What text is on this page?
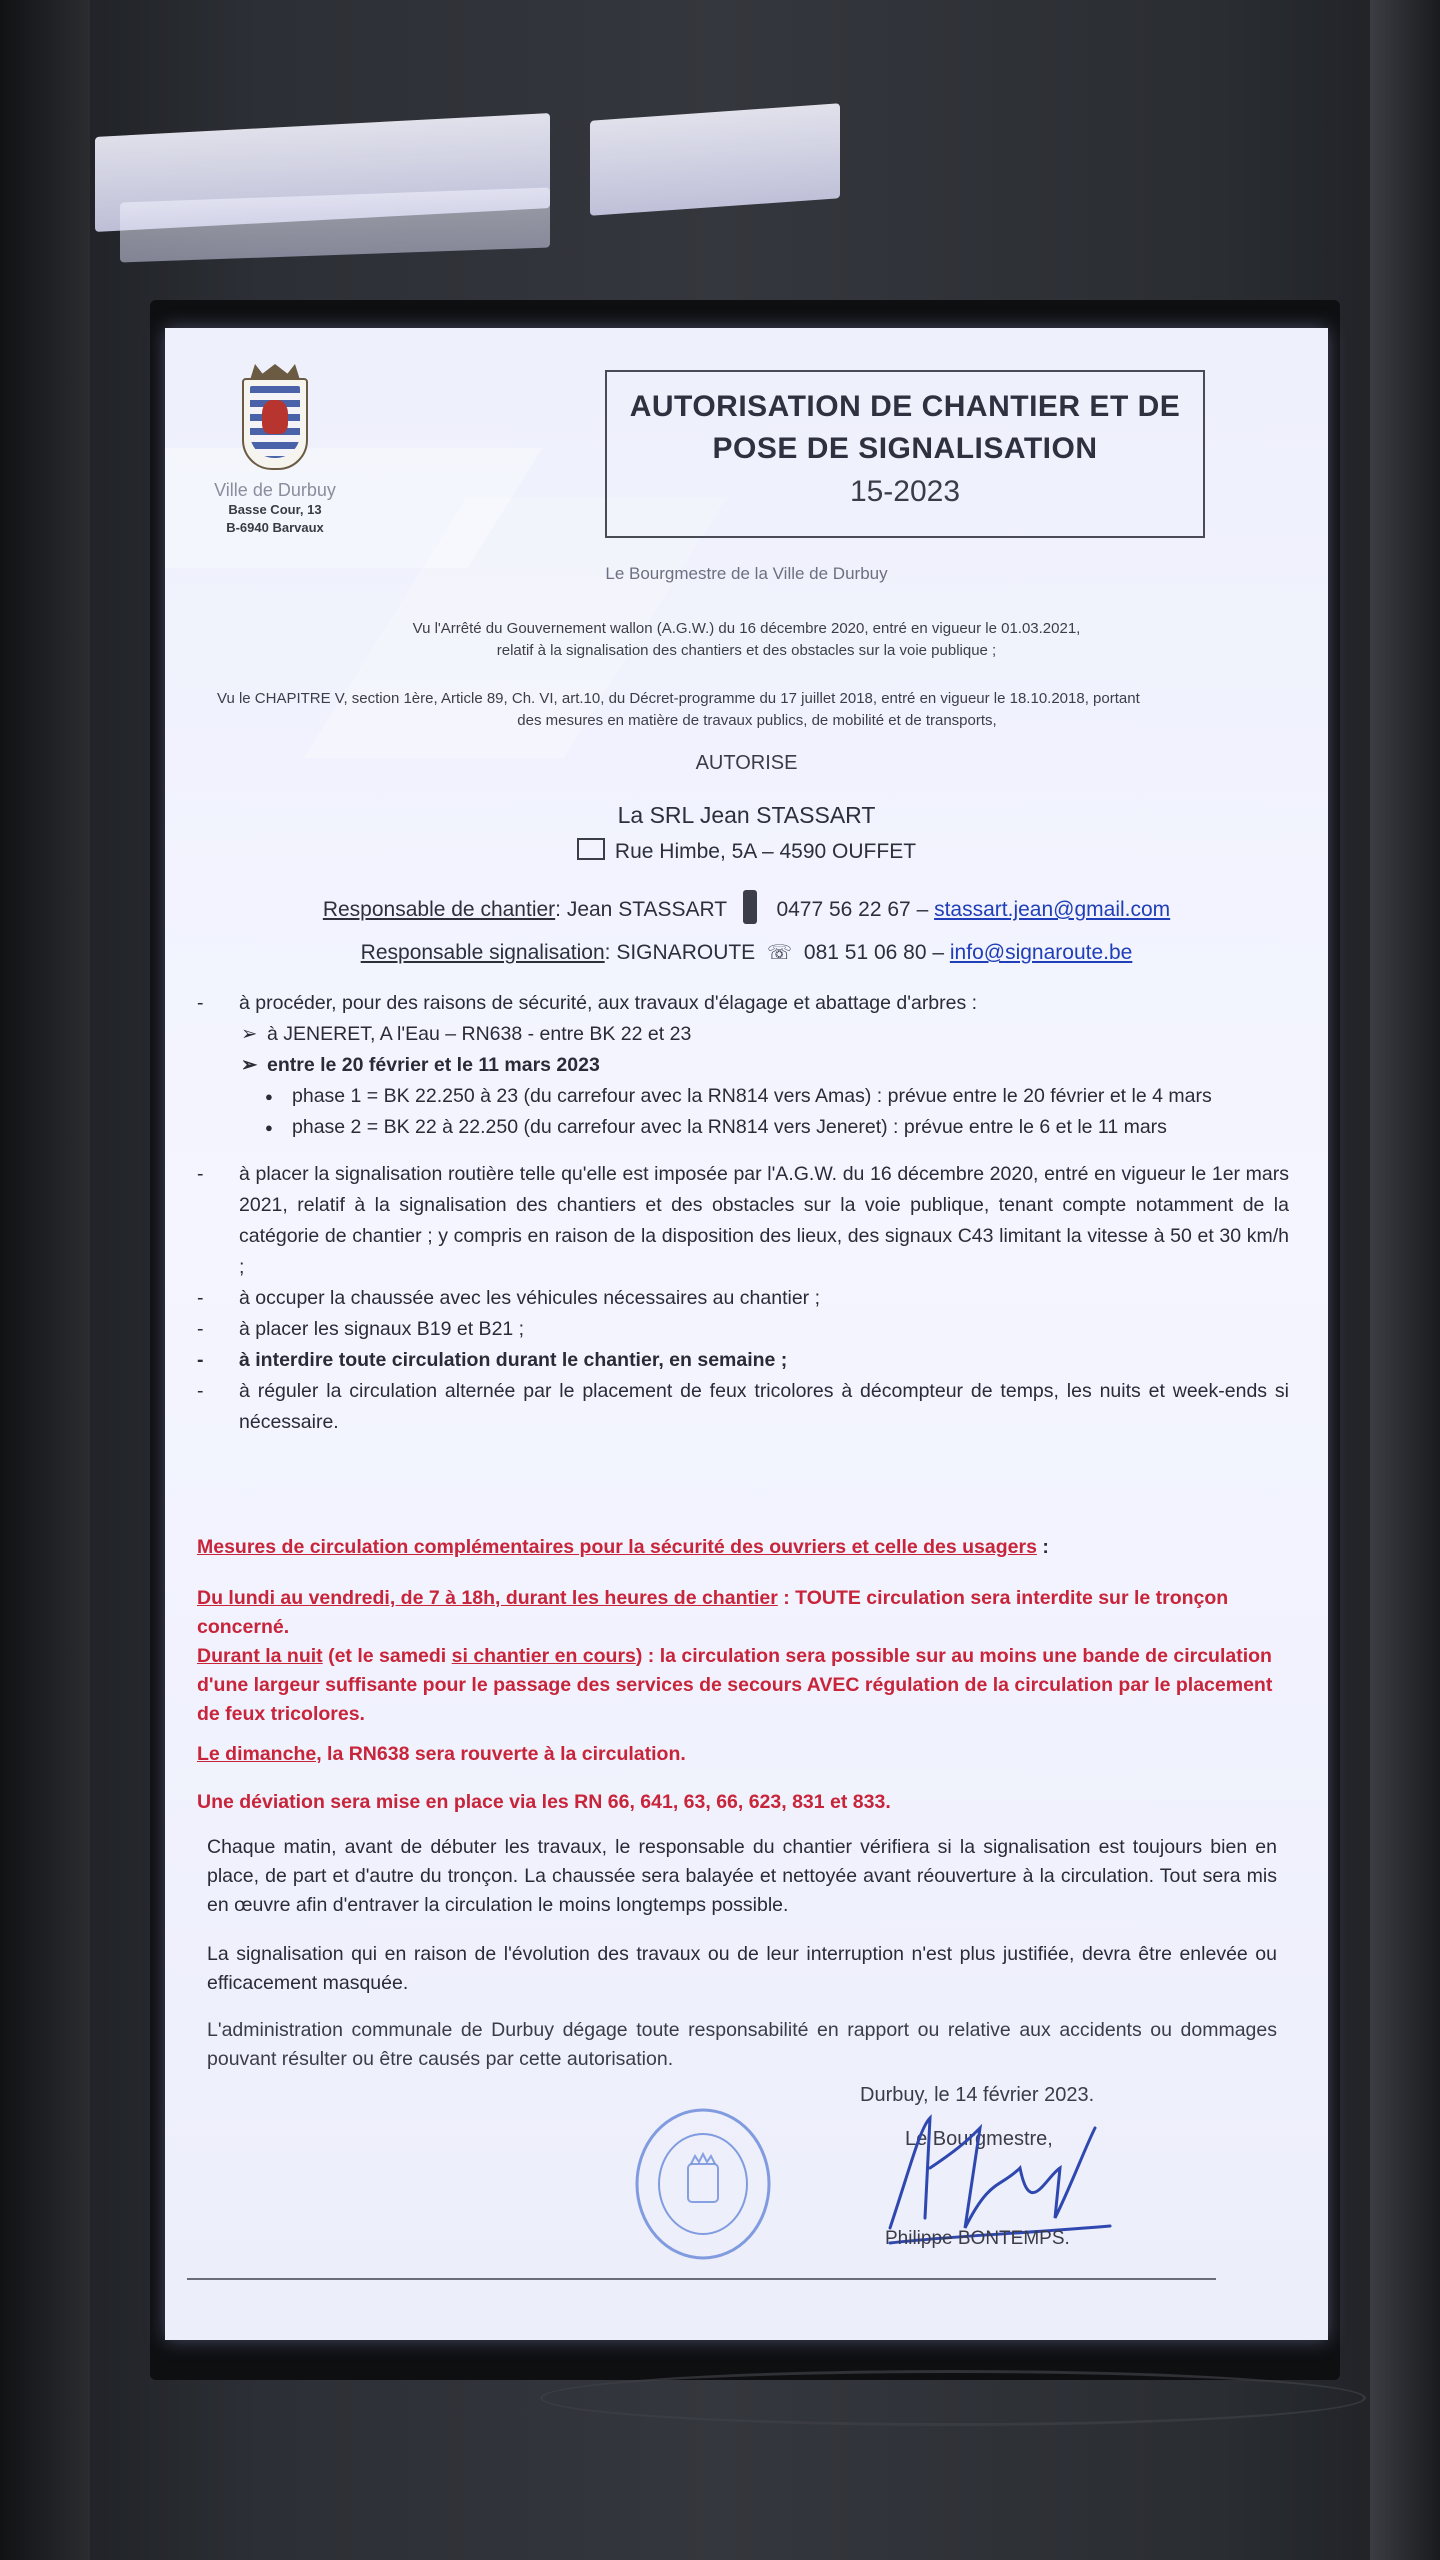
Ville de Durbuy
Basse Cour, 13
B-6940 Barvaux
AUTORISATION DE CHANTIER ET DE
POSE DE SIGNALISATION
15-2023
Le Bourgmestre de la Ville de Durbuy
Vu l'Arrêté du Gouvernement wallon (A.G.W.) du 16 décembre 2020, entré en vigueur le 01.03.2021,
relatif à la signalisation des chantiers et des obstacles sur la voie publique ;
Vu le CHAPITRE V, section 1ère, Article 89, Ch. VI, art.10, du Décret-programme du 17 juillet 2018, entré en vigueur le 18.10.2018, portant
des mesures en matière de travaux publics, de mobilité et de transports,
AUTORISE
La SRL Jean STASSART
Rue Himbe, 5A – 4590 OUFFET
Responsable de chantier: Jean STASSART 0477 56 22 67 – stassart.jean@gmail.com
Responsable signalisation: SIGNAROUTE ☏ 081 51 06 80 – info@signaroute.be
- à procéder, pour des raisons de sécurité, aux travaux d'élagage et abattage d'arbres :
➢ à JENERET, A l'Eau – RN638 - entre BK 22 et 23
➢ entre le 20 février et le 11 mars 2023
● phase 1 = BK 22.250 à 23 (du carrefour avec la RN814 vers Amas) : prévue entre le 20 février et le 4 mars
● phase 2 = BK 22 à 22.250 (du carrefour avec la RN814 vers Jeneret) : prévue entre le 6 et le 11 mars
- à placer la signalisation routière telle qu'elle est imposée par l'A.G.W. du 16 décembre 2020, entré en vigueur le 1er mars 2021, relatif à la signalisation des chantiers et des obstacles sur la voie publique, tenant compte notamment de la catégorie de chantier ; y compris en raison de la disposition des lieux, des signaux C43 limitant la vitesse à 50 et 30 km/h ;
- à occuper la chaussée avec les véhicules nécessaires au chantier ;
- à placer les signaux B19 et B21 ;
- à interdire toute circulation durant le chantier, en semaine ;
- à réguler la circulation alternée par le placement de feux tricolores à décompteur de temps, les nuits et week-ends si nécessaire.
Mesures de circulation complémentaires pour la sécurité des ouvriers et celle des usagers :
Du lundi au vendredi, de 7 à 18h, durant les heures de chantier : TOUTE circulation sera interdite sur le tronçon concerné.
Durant la nuit (et le samedi si chantier en cours) : la circulation sera possible sur au moins une bande de circulation d'une largeur suffisante pour le passage des services de secours AVEC régulation de la circulation par le placement de feux tricolores.
Le dimanche, la RN638 sera rouverte à la circulation.
Une déviation sera mise en place via les RN 66, 641, 63, 66, 623, 831 et 833.
Chaque matin, avant de débuter les travaux, le responsable du chantier vérifiera si la signalisation est toujours bien en place, de part et d'autre du tronçon. La chaussée sera balayée et nettoyée avant réouverture à la circulation. Tout sera mis en œuvre afin d'entraver la circulation le moins longtemps possible.
La signalisation qui en raison de l'évolution des travaux ou de leur interruption n'est plus justifiée, devra être enlevée ou efficacement masquée.
L'administration communale de Durbuy dégage toute responsabilité en rapport ou relative aux accidents ou dommages pouvant résulter ou être causés par cette autorisation.
Durbuy, le 14 février 2023.
Le Bourgmestre,
Philippe BONTEMPS.
